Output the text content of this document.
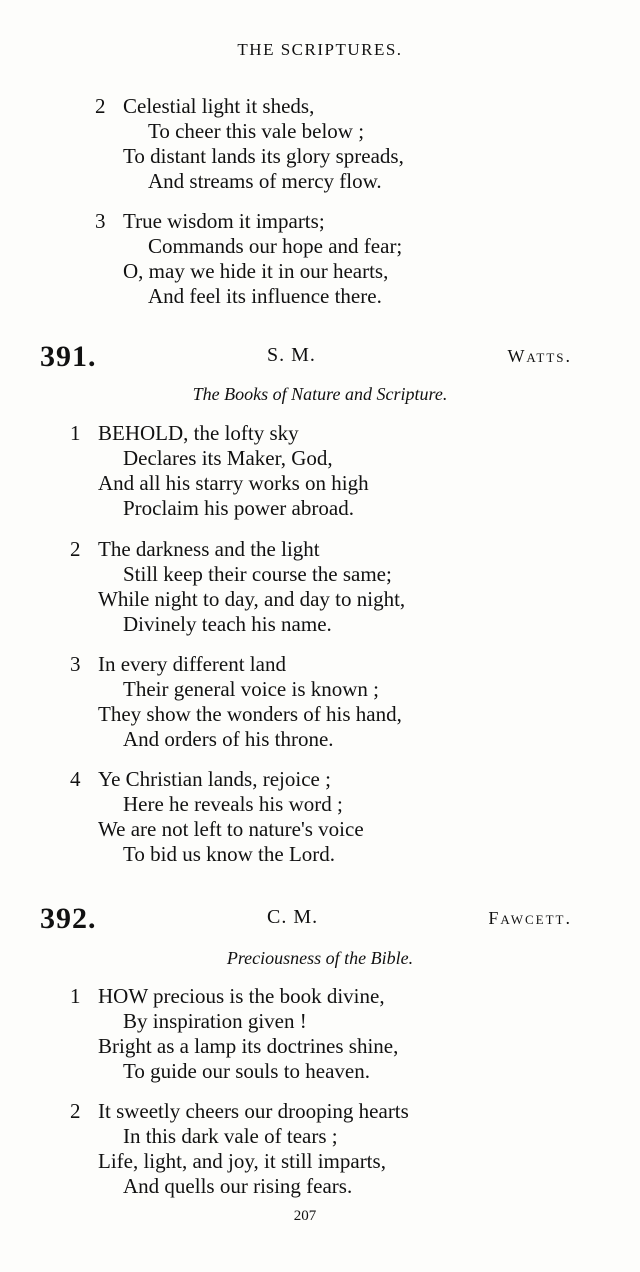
THE SCRIPTURES.
2 Celestial light it sheds,
To cheer this vale below ;
To distant lands its glory spreads,
And streams of mercy flow.
3 True wisdom it imparts;
Commands our hope and fear;
O, may we hide it in our hearts,
And feel its influence there.
391.	S. M.	Watts.
The Books of Nature and Scripture.
1 BEHOLD, the lofty sky
Declares its Maker, God,
And all his starry works on high
Proclaim his power abroad.
2 The darkness and the light
Still keep their course the same;
While night to day, and day to night,
Divinely teach his name.
3 In every different land
Their general voice is known ;
They show the wonders of his hand,
And orders of his throne.
4 Ye Christian lands, rejoice ;
Here he reveals his word ;
We are not left to nature's voice
To bid us know the Lord.
392.	C. M.	Fawcett.
Preciousness of the Bible.
1 HOW precious is the book divine,
By inspiration given !
Bright as a lamp its doctrines shine,
To guide our souls to heaven.
2 It sweetly cheers our drooping hearts
In this dark vale of tears ;
Life, light, and joy, it still imparts,
And quells our rising fears.
207
